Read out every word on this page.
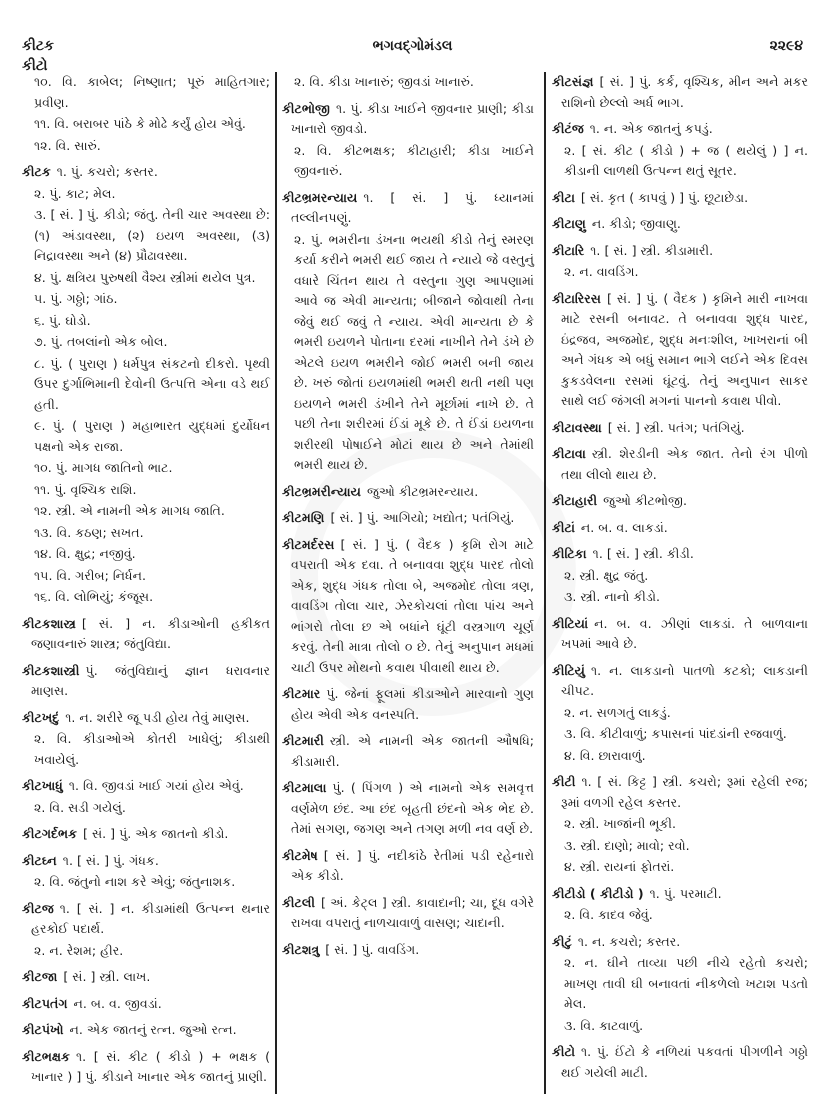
કીટક
કીટો
ભગવદ્ગોમંડલ	૨૨૯૪
૧૦. વિ. કાબેલ; નિષ્ણાત; પૂરું માહિતગાર; પ્રવીણ.
૧૧. વિ. બરાબર પાંઠે કે મોઢે કર્યું હોય એવું.
૧૨. વિ. સારું.
કીટક ૧. પું. કચરો; કસ્તર.
૨. પું. કાટ; મેલ.
૩. [ સં. ] પું. કીડો; જંતુ. તેની ચાર અવસ્થા છે: (૧) અંડાવસ્થા, (૨) ઇયળ અવસ્થા, (૩) નિદ્રાવસ્થા અને (૪) પ્રૌઢાવસ્થા.
૪. પું. ક્ષત્રિય પુરુષથી વૈશ્ય સ્ત્રીમાં થયેલ પુત્ર.
૫. પું. ગઠ્ઠો; ગાંઠ.
૬. પું. ઘોડો.
૭. પું. તબલાંનો એક બોલ.
૮. પું. ( પુરાણ ) ધર્મપુત્ર સંકટનો દીકરો. પૃથ્વી ઉપર દુર્ગાભિમાની દેવોની ઉત્પત્તિ એના વડે થઈ હતી.
૯. પું. ( પુરાણ ) મહાભારત યુદ્ધમાં દુર્યોધન પક્ષનો એક રાજા.
૧૦. પું. માગધ જાતિનો ભાટ.
૧૧. પું. વૃશ્ચિક રાશિ.
૧૨. સ્ત્રી. એ નામની એક માગધ જાતિ.
૧૩. વિ. કઠણ; સખત.
૧૪. વિ. ક્ષુદ્ર; નજીવું.
૧૫. વિ. ગરીબ; નિર્ધન.
૧૬. વિ. લોભિયું; કંજૂસ.
કીટકશાસ્ત્ર [ સં. ] ન. કીડાઓની હકીકત જણાવનારું શાસ્ત્ર; જંતુવિદ્યા.
કીટકશાસ્ત્રી પું. જંતુવિદ્યાનું જ્ઞાન ધરાવનાર માણસ.
કીટખદું ૧. ન. શરીરે જૂ પડી હોય તેવું માણસ.
૨. વિ. કીડાઓએ કોતરી ખાધેલું; કીડાથી ખવાયેલું.
કીટખાધું ૧. વિ. જીવડાં ખાઈ ગયાં હોય એવું.
૨. વિ. સડી ગયેલું.
કીટગર્દભક [ સં. ] પું. એક જાતનો કીડો.
કીટઘ્ન ૧. [ સં. ] પું. ગંધક.
૨. વિ. જંતુનો નાશ કરે એવું; જંતુનાશક.
કીટજ ૧. [ સં. ] ન. કીડામાંથી ઉત્પન્ન થનાર હરકોઈ પદાર્થ.
૨. ન. રેશમ; હીર.
કીટજા [ સં. ] સ્ત્રી. લાખ.
કીટપતંગ ન. બ. વ. જીવડાં.
કીટપંખો ન. એક જાતનું રત્ન. જુઓ રત્ન.
કીટભક્ષક ૧. [ સં. કીટ ( કીડો ) + ભક્ષક ( ખાનાર ) ] પું. કીડાને ખાનાર એક જાતનું પ્રાણી.
૨. વિ. કીડા ખાનારું; જીવડાં ખાનારું.
કીટભોજી ૧. પું. કીડા ખાઈને જીવનાર પ્રાણી; કીડા ખાનારો જીવડો.
૨. વિ. કીટભક્ષક; કીટાહારી; કીડા ખાઈને જીવનારું.
કીટભ્રમરન્યાય ૧. [ સં. ] પું. ધ્યાનમાં તલ્લીનપણું.
૨. પું. ભમરીના ડંખના ભયથી કીડો તેનું સ્મરણ કર્યા કરીને ભમરી થઈ જાય તે ન્યાયે જે વસ્તુનું વધારે ચિંતન થાય તે વસ્તુના ગુણ આપણામાં આવે જ એવી માન્યતા; બીજાને જોવાથી તેના જેવું થઈ જવું તે ન્યાય. એવી માન્યતા છે કે ભમરી ઇયળને પોતાના દરમાં નાખીને તેને ડંખે છે એટલે ઇયળ ભમરીને જોઈ ભમરી બની જાય છે. ખરું જોતાં ઇયળમાંથી ભમરી થતી નથી પણ ઇયળને ભમરી ડંખીને તેને મૂર્છામાં નાખે છે. તે પછી તેના શરીરમાં ઈંડાં મૂકે છે. તે ઈંડાં ઇયળના શરીરથી પોષાઈને મોટાં થાય છે અને તેમાંથી ભમરી થાય છે.
કીટભ્રમરીન્યાય જુઓ કીટભ્રમરન્યાય.
કીટમણિ [ સં. ] પું. આગિયો; ખદ્યોત; પતંગિયું.
કીટમર્દરસ [ સં. ] પું. ( વૈદક ) કૃમિ રોગ માટે વપરાતી એક દવા. તે બનાવવા શુદ્ધ પારદ તોલો એક, શુદ્ધ ગંધક તોલા બે, અજમોદ તોલા ત્રણ, વાવડિંગ તોલા ચાર, ઝેરકોચલાં તોલા પાંચ અને ભાંગરો તોલા છ એ બધાંને ઘૂંટી વસ્ત્રગાળ ચૂર્ણ કરવું. તેની માત્રા તોલો ૦ છે. તેનું અનુપાન મધમાં ચાટી ઉપર મોથનો કવાથ પીવાથી થાય છે.
કીટમાર પું. જેનાં ફૂલમાં કીડાઓને મારવાનો ગુણ હોય એવી એક વનસ્પતિ.
કીટમારી સ્ત્રી. એ નામની એક જાતની ઔષધિ; કીડામારી.
કીટમાલા પું. ( પિંગળ ) એ નામનો એક સમવૃત્ત વર્ણમેળ છંદ. આ છંદ બૃહતી છંદનો એક ભેદ છે. તેમાં સગણ, જગણ અને તગણ મળી નવ વર્ણ છે.
કીટમેષ [ સં. ] પું. નદીકાંઠે રેતીમાં પડી રહેનારો એક કીડો.
કીટલી [ અં. કેટ્લ ] સ્ત્રી. કાવાદાની; ચા, દૂધ વગેરે રાખવા વપરાતું નાળચાવાળું વાસણ; ચાદાની.
કીટશત્રુ [ સં. ] પું. વાવડિંગ.
કીટસંજ્ઞ [ સં. ] પું. કર્ક, વૃશ્ચિક, મીન અને મકર રાશિનો છેલ્લો અર્ધ ભાગ.
કીટંજ ૧. ન. એક જાતનું કપડું.
૨. [ સં. કીટ ( કીડો ) + જ ( થયેલું ) ] ન. કીડાની લાળથી ઉત્પન્ન થતું સૂતર.
કીટા [ સં. કૃત ( કાપવું ) ] પું. છૂટાછેડા.
કીટાણુ ન. કીડો; જીવાણુ.
કીટારિ ૧. [ સં. ] સ્ત્રી. કીડામારી.
૨. ન. વાવડિંગ.
કીટારિરસ [ સં. ] પું. ( વૈદક ) કૃમિને મારી નાખવા માટે રસની બનાવટ. તે બનાવવા શુદ્ધ પારદ, ઇંદ્રજવ, અજમોદ, શુદ્ધ મનઃશીલ, ખાખરાનાં બી અને ગંધક એ બધું સમાન ભાગે લઈને એક દિવસ કુકડવેલના રસમાં ઘૂંટવું. તેનું અનુપાન સાકર સાથે લઈ જંગલી મગનાં પાનનો કવાથ પીવો.
કીટાવસ્થા [ સં. ] સ્ત્રી. પતંગ; પતંગિયું.
કીટાવા સ્ત્રી. શેરડીની એક જાત. તેનો રંગ પીળો તથા લીલો થાય છે.
કીટાહારી જુઓ કીટભોજી.
કીટાં ન. બ. વ. લાકડાં.
કીટિકા ૧. [ સં. ] સ્ત્રી. કીડી.
૨. સ્ત્રી. ક્ષુદ્ર જંતુ.
૩. સ્ત્રી. નાનો કીડો.
કીટિયાં ન. બ. વ. ઝીણાં લાકડાં. તે બાળવાના ખપમાં આવે છે.
કીટિયું ૧. ન. લાકડાનો પાતળો કટકો; લાકડાની ચીપટ.
૨. ન. સળગતું લાકડું.
૩. વિ. કીટીવાળું; કપાસનાં પાંદડાંની રજવાળું.
૪. વિ. છારાવાળું.
કીટી ૧. [ સં. કિટ્ટ ] સ્ત્રી. કચરો; રૂમાં રહેલી રજ; રૂમાં વળગી રહેલ કસ્તર.
૨. સ્ત્રી. ખાજાંની ભૂકી.
૩. સ્ત્રી. દાણો; માવો; રવો.
૪. સ્ત્રી. રાયનાં ફોતરાં.
કીટીડો ( કીટીડો ) ૧. પું. પરમાટી.
૨. વિ. કાદવ જેવું.
કીટું ૧. ન. કચરો; કસ્તર.
૨. ન. ઘીને તાવ્યા પછી નીચે રહેતો કચરો; માખણ તાવી ઘી બનાવતાં નીકળેલો ખટાશ પડતો મેલ.
૩. વિ. કાટવાળું.
કીટો ૧. પું. ઈંટો કે નળિયાં પકવતાં પીગળીને ગઠ્ઠો થઈ ગયેલી માટી.
